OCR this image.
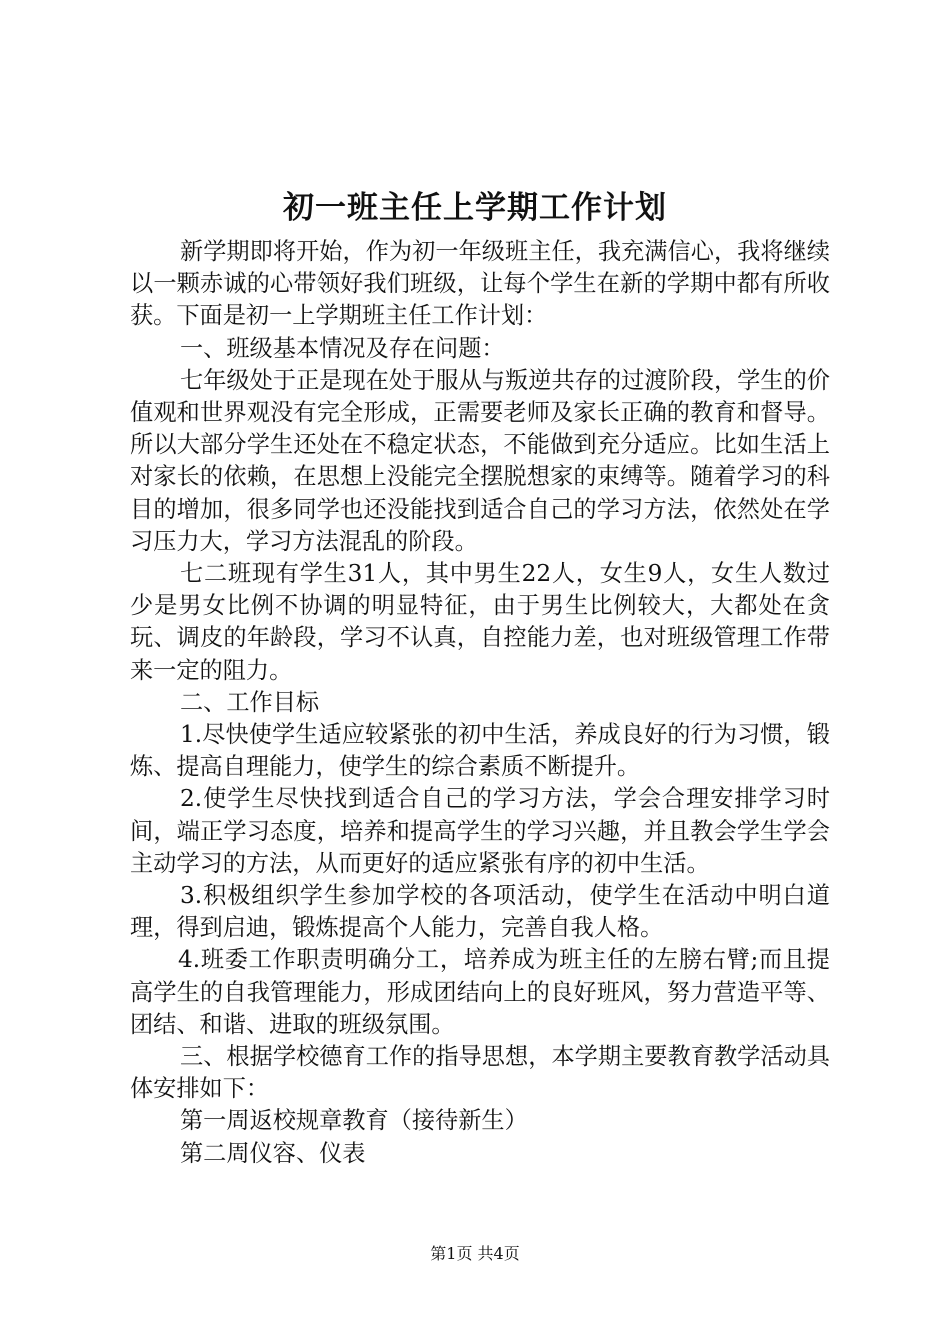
初一班主任上学期工作计划

新学期即将开始，作为初一年级班主任，我充满信心，我将继续以一颗赤诚的心带领好我们班级，让每个学生在新的学期中都有所收获。下面是初一上学期班主任工作计划：

一、班级基本情况及存在问题：

七年级处于正是现在处于服从与叛逆共存的过渡阶段，学生的价值观和世界观没有完全形成，正需要老师及家长正确的教育和督导。所以大部分学生还处在不稳定状态，不能做到充分适应。比如生活上对家长的依赖，在思想上没能完全摆脱想家的束缚等。随着学习的科目的增加，很多同学也还没能找到适合自己的学习方法，依然处在学习压力大，学习方法混乱的阶段。

七二班现有学生31人，其中男生22人，女生9人，女生人数过少是男女比例不协调的明显特征，由于男生比例较大，大都处在贪玩、调皮的年龄段，学习不认真，自控能力差，也对班级管理工作带来一定的阻力。

二、工作目标

1.尽快使学生适应较紧张的初中生活，养成良好的行为习惯，锻炼、提高自理能力，使学生的综合素质不断提升。

2.使学生尽快找到适合自己的学习方法，学会合理安排学习时间，端正学习态度，培养和提高学生的学习兴趣，并且教会学生学会主动学习的方法，从而更好的适应紧张有序的初中生活。

3.积极组织学生参加学校的各项活动，使学生在活动中明白道理，得到启迪，锻炼提高个人能力，完善自我人格。

4.班委工作职责明确分工，培养成为班主任的左膀右臂;而且提高学生的自我管理能力，形成团结向上的良好班风，努力营造平等、团结、和谐、进取的班级氛围。

三、根据学校德育工作的指导思想，本学期主要教育教学活动具体安排如下：

第一周返校规章教育（接待新生）

第二周仪容、仪表

第1页 共4页
